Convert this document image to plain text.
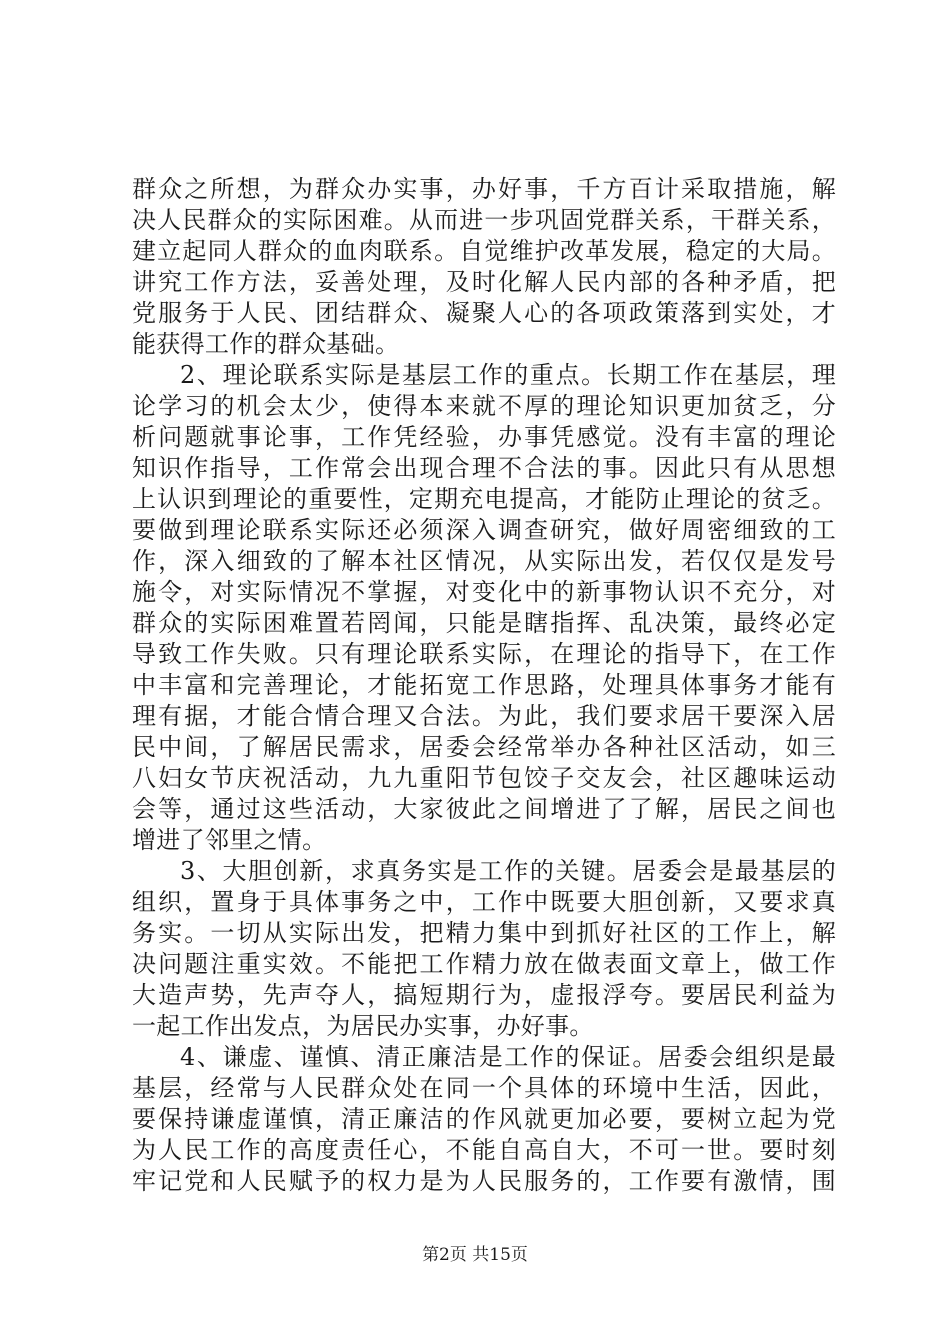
群众之所想，为群众办实事，办好事，千方百计采取措施，解
决人民群众的实际困难。从而进一步巩固党群关系，干群关系，
建立起同人群众的血肉联系。自觉维护改革发展，稳定的大局。
讲究工作方法，妥善处理，及时化解人民内部的各种矛盾，把
党服务于人民、团结群众、凝聚人心的各项政策落到实处，才
能获得工作的群众基础。
2、理论联系实际是基层工作的重点。长期工作在基层，理
论学习的机会太少，使得本来就不厚的理论知识更加贫乏，分
析问题就事论事，工作凭经验，办事凭感觉。没有丰富的理论
知识作指导，工作常会出现合理不合法的事。因此只有从思想
上认识到理论的重要性，定期充电提高，才能防止理论的贫乏。
要做到理论联系实际还必须深入调查研究，做好周密细致的工
作，深入细致的了解本社区情况，从实际出发，若仅仅是发号
施令，对实际情况不掌握，对变化中的新事物认识不充分，对
群众的实际困难置若罔闻，只能是瞎指挥、乱决策，最终必定
导致工作失败。只有理论联系实际，在理论的指导下，在工作
中丰富和完善理论，才能拓宽工作思路，处理具体事务才能有
理有据，才能合情合理又合法。为此，我们要求居干要深入居
民中间，了解居民需求，居委会经常举办各种社区活动，如三
八妇女节庆祝活动，九九重阳节包饺子交友会，社区趣味运动
会等，通过这些活动，大家彼此之间增进了了解，居民之间也
增进了邻里之情。
3、大胆创新，求真务实是工作的关键。居委会是最基层的
组织，置身于具体事务之中，工作中既要大胆创新，又要求真
务实。一切从实际出发，把精力集中到抓好社区的工作上，解
决问题注重实效。不能把工作精力放在做表面文章上，做工作
大造声势，先声夺人，搞短期行为，虚报浮夸。要居民利益为
一起工作出发点，为居民办实事，办好事。
4、谦虚、谨慎、清正廉洁是工作的保证。居委会组织是最
基层，经常与人民群众处在同一个具体的环境中生活，因此，
要保持谦虚谨慎，清正廉洁的作风就更加必要，要树立起为党
为人民工作的高度责任心，不能自高自大，不可一世。要时刻
牢记党和人民赋予的权力是为人民服务的，工作要有激情，围
第2页 共15页
